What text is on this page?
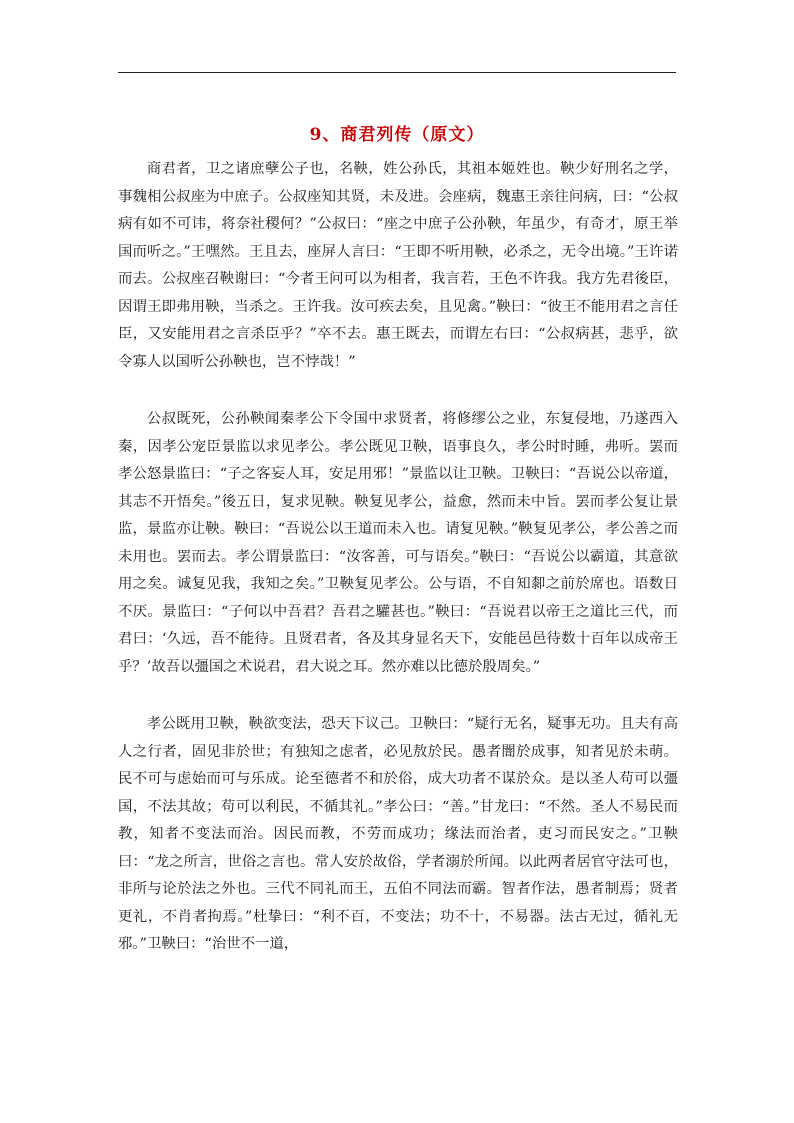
9、商君列传（原文）

商君者，卫之诸庶孽公子也，名鞅，姓公孙氏，其祖本姬姓也。鞅少好刑名之学，事魏相公叔座为中庶子。公叔座知其贤，未及进。会座病，魏惠王亲往问病，曰：“公叔病有如不可讳，将奈社稷何？”公叔曰：“座之中庶子公孙鞅，年虽少，有奇才，原王举国而听之。”王嘿然。王且去，座屏人言曰：“王即不听用鞅，必杀之，无令出境。”王许诺而去。公叔座召鞅谢曰：“今者王问可以为相者，我言若，王色不许我。我方先君後臣，因谓王即弗用鞅，当杀之。王许我。汝可疾去矣，且见禽。”鞅曰：“彼王不能用君之言任臣，又安能用君之言杀臣乎？”卒不去。惠王既去，而谓左右曰：“公叔病甚，悲乎，欲令寡人以国听公孙鞅也，岂不悖哉！”

公叔既死，公孙鞅闻秦孝公下令国中求贤者，将修缪公之业，东复侵地，乃遂西入秦，因孝公宠臣景监以求见孝公。孝公既见卫鞅，语事良久，孝公时时睡，弗听。罢而孝公怒景监曰：“子之客妄人耳，安足用邪！”景监以让卫鞅。卫鞅曰：“吾说公以帝道，其志不开悟矣。”後五日，复求见鞅。鞅复见孝公，益愈，然而未中旨。罢而孝公复让景监，景监亦让鞅。鞅曰：“吾说公以王道而未入也。请复见鞅。”鞅复见孝公，孝公善之而未用也。罢而去。孝公谓景监曰：“汝客善，可与语矣。”鞅曰：“吾说公以霸道，其意欲用之矣。诚复见我，我知之矣。”卫鞅复见孝公。公与语，不自知厀之前於席也。语数日不厌。景监曰：“子何以中吾君？吾君之驩甚也。”鞅曰：“吾说君以帝王之道比三代，而君曰：‘久远，吾不能待。且贤君者，各及其身显名天下，安能邑邑待数十百年以成帝王乎？’故吾以彊国之术说君，君大说之耳。然亦难以比德於殷周矣。”

孝公既用卫鞅，鞅欲变法，恐天下议己。卫鞅曰：“疑行无名，疑事无功。且夫有高人之行者，固见非於世；有独知之虑者，必见敖於民。愚者闇於成事，知者见於未萌。民不可与虑始而可与乐成。论至德者不和於俗，成大功者不谋於众。是以圣人苟可以彊国，不法其故；苟可以利民，不循其礼。”孝公曰：“善。”甘龙曰：“不然。圣人不易民而教，知者不变法而治。因民而教，不劳而成功；缘法而治者，吏习而民安之。”卫鞅曰：“龙之所言，世俗之言也。常人安於故俗，学者溺於所闻。以此两者居官守法可也，非所与论於法之外也。三代不同礼而王，五伯不同法而霸。智者作法，愚者制焉；贤者更礼，不肖者拘焉。”杜挚曰：“利不百，不变法；功不十，不易器。法古无过，循礼无邪。”卫鞅曰：“治世不一道，
